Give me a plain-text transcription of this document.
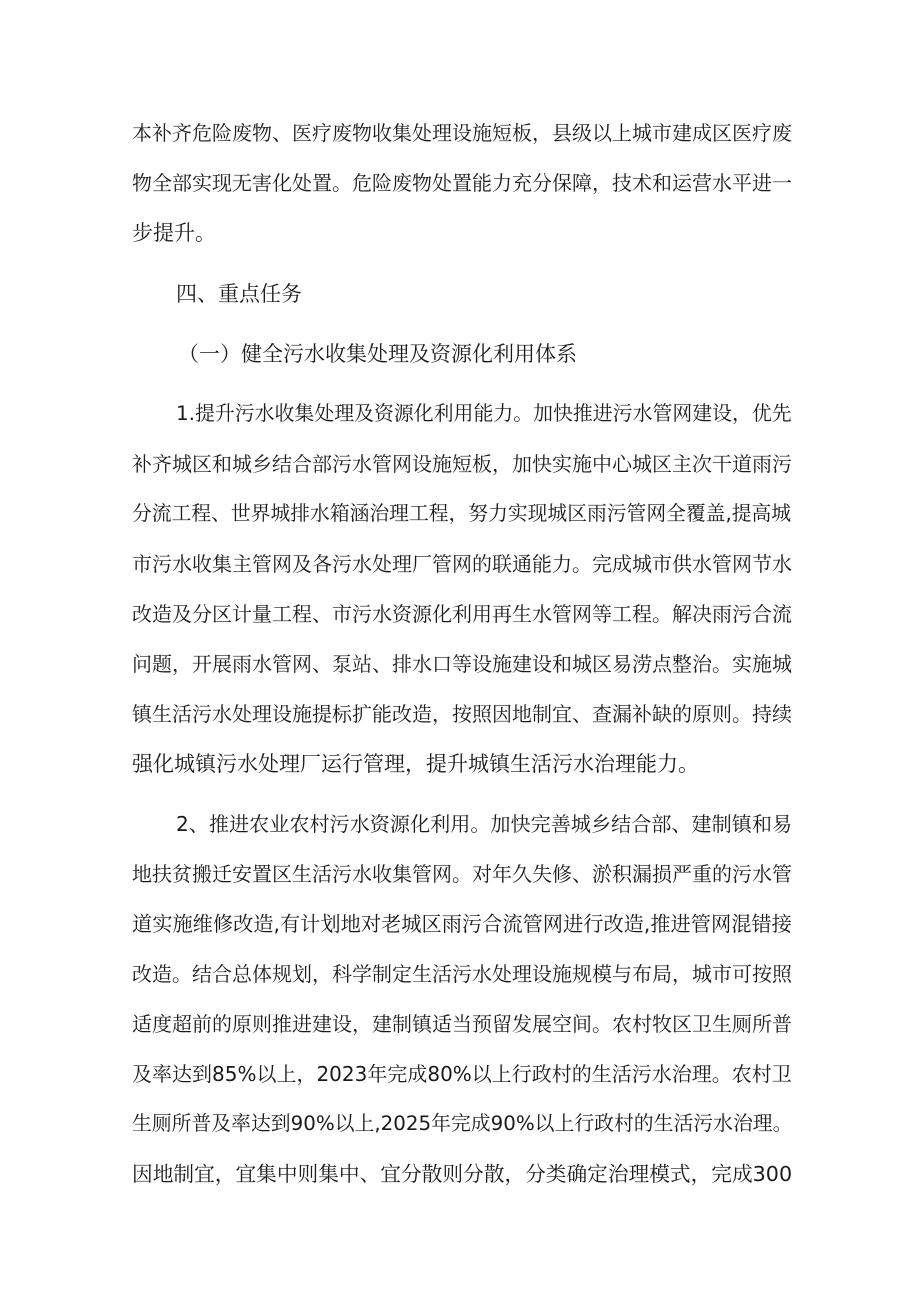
本补齐危险废物、医疗废物收集处理设施短板，县级以上城市建成区医疗废
物全部实现无害化处置。危险废物处置能力充分保障，技术和运营水平进一
步提升。
四、重点任务
（一）健全污水收集处理及资源化利用体系
1.提升污水收集处理及资源化利用能力。加快推进污水管网建设，优先
补齐城区和城乡结合部污水管网设施短板，加快实施中心城区主次干道雨污
分流工程、世界城排水箱涵治理工程，努力实现城区雨污管网全覆盖,提高城
市污水收集主管网及各污水处理厂管网的联通能力。完成城市供水管网节水
改造及分区计量工程、市污水资源化利用再生水管网等工程。解决雨污合流
问题，开展雨水管网、泵站、排水口等设施建设和城区易涝点整治。实施城
镇生活污水处理设施提标扩能改造，按照因地制宜、查漏补缺的原则。持续
强化城镇污水处理厂运行管理，提升城镇生活污水治理能力。
2、推进农业农村污水资源化利用。加快完善城乡结合部、建制镇和易
地扶贫搬迁安置区生活污水收集管网。对年久失修、淤积漏损严重的污水管
道实施维修改造,有计划地对老城区雨污合流管网进行改造,推进管网混错接
改造。结合总体规划，科学制定生活污水处理设施规模与布局，城市可按照
适度超前的原则推进建设，建制镇适当预留发展空间。农村牧区卫生厕所普
及率达到85%以上，2023年完成80%以上行政村的生活污水治理。农村卫
生厕所普及率达到90%以上,2025年完成90%以上行政村的生活污水治理。
因地制宜，宜集中则集中、宜分散则分散，分类确定治理模式，完成300
